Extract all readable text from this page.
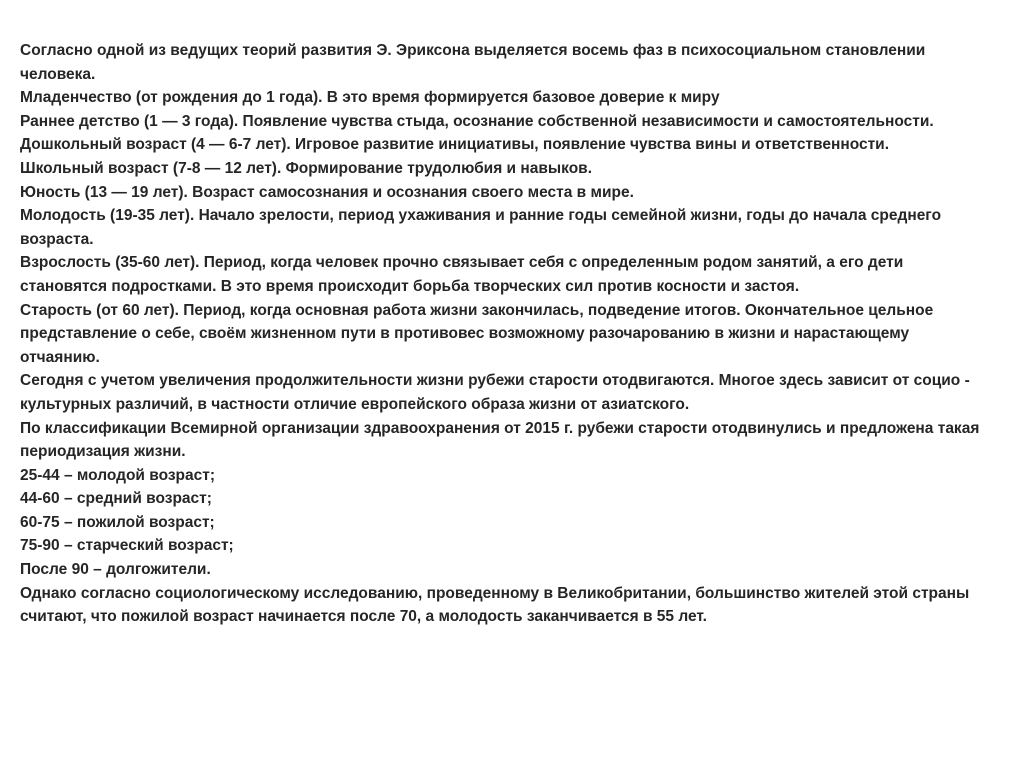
Согласно одной из ведущих теорий развития Э. Эриксона выделяется восемь фаз в психосоциальном становлении человека.

Младенчество (от рождения до 1 года). В это время формируется базовое доверие к миру

Раннее детство (1 — 3 года). Появление чувства стыда, осознание собственной независимости и самостоятельности.

Дошкольный возраст (4 — 6-7 лет). Игровое развитие инициативы, появление чувства вины и ответственности.

Школьный возраст (7-8 — 12 лет). Формирование трудолюбия и навыков.

Юность (13 — 19 лет). Возраст самосознания и осознания своего места в мире.

Молодость (19-35 лет). Начало зрелости, период ухаживания и ранние годы семейной жизни, годы до начала среднего возраста.

Взрослость (35-60 лет). Период, когда человек прочно связывает себя с определенным родом занятий, а его дети становятся подростками. В это время происходит борьба творческих сил против косности и застоя.

Старость (от 60 лет). Период, когда основная работа жизни закончилась, подведение итогов. Окончательное цельное представление о себе, своём жизненном пути в противовес возможному разочарованию в жизни и нарастающему отчаянию.

Сегодня с учетом увеличения продолжительности жизни рубежи старости отодвигаются. Многое здесь зависит от социо - культурных различий, в частности отличие европейского образа жизни от азиатского.

По классификации Всемирной организации здравоохранения от 2015 г. рубежи старости отодвинулись и предложена такая периодизация жизни.

25-44 – молодой возраст;

44-60 – средний возраст;

60-75 – пожилой возраст;

75-90 – старческий возраст;

После 90 – долгожители.

Однако согласно социологическому исследованию, проведенному в Великобритании, большинство жителей этой страны считают, что пожилой возраст начинается после 70, а молодость заканчивается в 55 лет.
